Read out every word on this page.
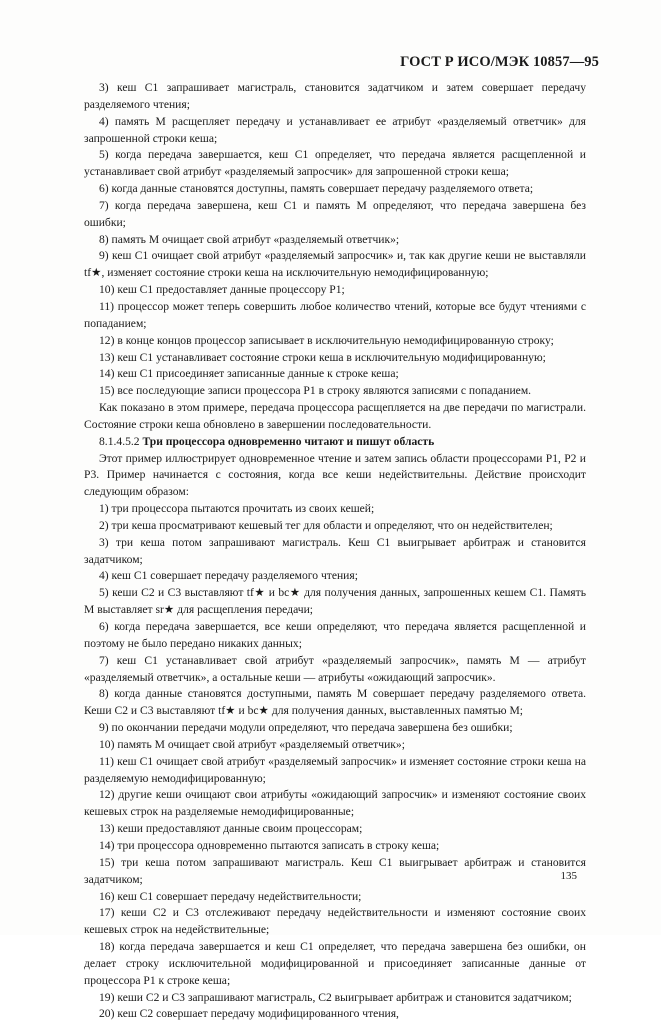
ГОСТ Р ИСО/МЭК 10857—95

3) кеш C1 запрашивает магистраль, становится задатчиком и затем совершает передачу разделяемого чтения;

4) память M расщепляет передачу и устанавливает ее атрибут «разделяемый ответчик» для запрошенной строки кеша;

5) когда передача завершается, кеш C1 определяет, что передача является расщепленной и устанавливает свой атрибут «разделяемый запросчик» для запрошенной строки кеша;

6) когда данные становятся доступны, память совершает передачу разделяемого ответа;

7) когда передача завершена, кеш C1 и память M определяют, что передача завершена без ошибки;

8) память M очищает свой атрибут «разделяемый ответчик»;

9) кеш C1 очищает свой атрибут «разделяемый запросчик» и, так как другие кеши не выставляли tf★, изменяет состояние строки кеша на исключительную немодифицированную;

10) кеш C1 предоставляет данные процессору P1;

11) процессор может теперь совершить любое количество чтений, которые все будут чтениями с попаданием;

12) в конце концов процессор записывает в исключительную немодифицированную строку;

13) кеш C1 устанавливает состояние строки кеша в исключительную модифицированную;

14) кеш C1 присоединяет записанные данные к строке кеша;

15) все последующие записи процессора P1 в строку являются записями с попаданием.

Как показано в этом примере, передача процессора расщепляется на две передачи по магистрали. Состояние строки кеша обновлено в завершении последовательности.

8.1.4.5.2 Три процессора одновременно читают и пишут область

Этот пример иллюстрирует одновременное чтение и затем запись области процессорами P1, P2 и P3. Пример начинается с состояния, когда все кеши недействительны. Действие происходит следующим образом:

1) три процессора пытаются прочитать из своих кешей;

2) три кеша просматривают кешевый тег для области и определяют, что он недействителен;

3) три кеша потом запрашивают магистраль. Кеш C1 выигрывает арбитраж и становится задатчиком;

4) кеш C1 совершает передачу разделяемого чтения;

5) кеши C2 и C3 выставляют tf★ и bc★ для получения данных, запрошенных кешем C1. Память M выставляет sr★ для расщепления передачи;

6) когда передача завершается, все кеши определяют, что передача является расщепленной и поэтому не было передано никаких данных;

7) кеш C1 устанавливает свой атрибут «разделяемый запросчик», память M — атрибут «разделяемый ответчик», а остальные кеши — атрибуты «ожидающий запросчик».

8) когда данные становятся доступными, память M совершает передачу разделяемого ответа. Кеши C2 и C3 выставляют tf★ и bc★ для получения данных, выставленных памятью M;

9) по окончании передачи модули определяют, что передача завершена без ошибки;

10) память M очищает свой атрибут «разделяемый ответчик»;

11) кеш C1 очищает свой атрибут «разделяемый запросчик» и изменяет состояние строки кеша на разделяемую немодифицированную;

12) другие кеши очищают свои атрибуты «ожидающий запросчик» и изменяют состояние своих кешевых строк на разделяемые немодифицированные;

13) кеши предоставляют данные своим процессорам;

14) три процессора одновременно пытаются записать в строку кеша;

15) три кеша потом запрашивают магистраль. Кеш C1 выигрывает арбитраж и становится задатчиком;

16) кеш C1 совершает передачу недействительности;

17) кеши C2 и C3 отслеживают передачу недействительности и изменяют состояние своих кешевых строк на недействительные;

18) когда передача завершается и кеш C1 определяет, что передача завершена без ошибки, он делает строку исключительной модифицированной и присоединяет записанные данные от процессора P1 к строке кеша;

19) кеши C2 и C3 запрашивают магистраль, C2 выигрывает арбитраж и становится задатчиком;

20) кеш C2 совершает передачу модифицированного чтения,

135
